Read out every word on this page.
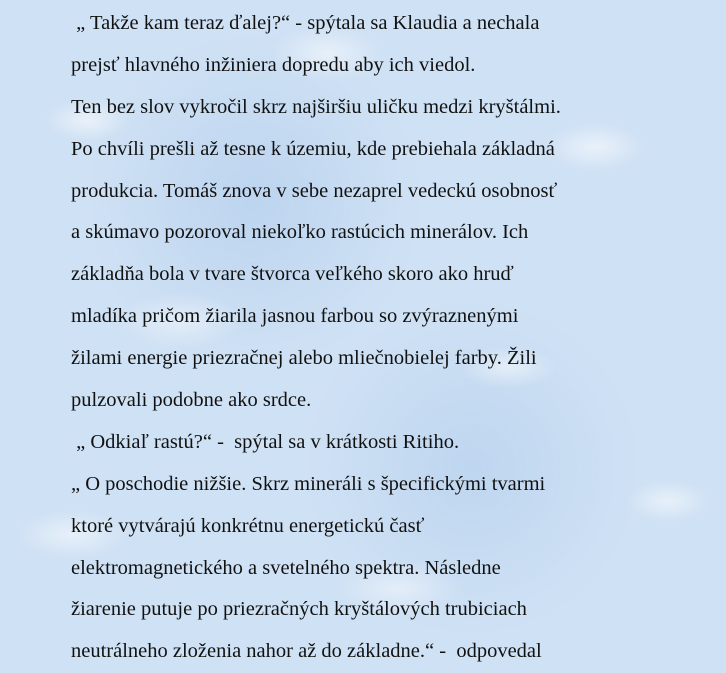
„ Takže kam teraz ďalej?“ - spýtala sa Klaudia a nechala
prejsť hlavného inžiniera dopredu aby ich viedol.
Ten bez slov vykročil skrz najširšiu uličku medzi kryštálmi.
Po chvíli prešli až tesne k územiu, kde prebiehala základná
produkcia. Tomáš znova v sebe nezaprel vedeckú osobnosť
a skúmavo pozoroval niekoľko rastúcich minerálov. Ich
základňa bola v tvare štvorca veľkého skoro ako hruď
mladíka pričom žiarila jasnou farbou so zvýraznenými
žilami energie priezračnej alebo mliečnobielej farby. Žili
pulzovali podobne ako srdce.
„ Odkiaľ rastú?“ -  spýtal sa v krátkosti Ritiho.
„ O poschodie nižšie. Skrz mineráli s špecifickými tvarmi
ktoré vytvárajú konkrétnu energetickú časť
elektromagnetického a svetelného spektra. Následne
žiarenie putuje po priezračných kryštálových trubiciach
neutrálneho zloženia nahor až do základne.“ -  odpovedal
